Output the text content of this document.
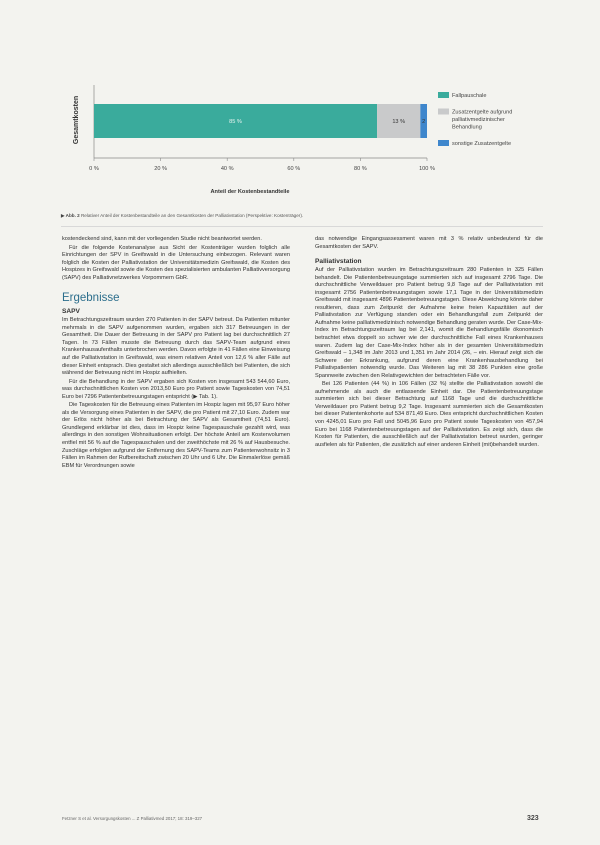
85 %	13 %	2
0 %	20 %	40 %	60 %	80 %	100 %
Fallpauschale
Zusatzentgelte aufgrund palliativmedizinischer Behandlung
sonstige Zusatzentgelte
Gesamtkosten
Anteil der Kostenbestandteile
▶ Abb. 2 Relativer Anteil der Kostenbestandteile an den Gesamtkosten der Palliativstation (Perspektive: Kostenträger).

kostendeckend sind, kann mit der vorliegenden Studie nicht beantwortet werden.

Für die folgende Kostenanalyse aus Sicht der Kostenträger wurden folglich alle Einrichtungen der SPV in Greifswald in die Untersuchung einbezogen. Relevant waren folglich die Kosten der Palliativstation der Universitätsmedizin Greifswald, die Kosten des Hospizes in Greifswald sowie die Kosten des spezialisierten ambulanten Palliativversorgung (SAPV) des Palliativnetzwerkes Vorpommern GbR.

Ergebnisse
SAPV

Im Betrachtungszeitraum wurden 270 Patienten in der SAPV betreut. Da Patienten mitunter mehrmals in die SAPV aufgenommen wurden, ergaben sich 317 Betreuungen in der Gesamtheit. Die Dauer der Betreuung in der SAPV pro Patient lag bei durchschnittlich 27 Tagen. In 73 Fällen musste die Betreuung durch das SAPV-Team aufgrund eines Krankenhausaufenthalts unterbrochen werden. Davon erfolgte in 41 Fällen eine Einweisung auf die Palliativstation in Greifswald, was einem relativen Anteil von 12,6 % aller Fälle auf dieser Einheit entsprach. Dies gestaltet sich allerdings ausschließlich bei Patienten, die sich während der Betreuung nicht im Hospiz aufhielten.

Für die Behandlung in der SAPV ergaben sich Kosten von insgesamt 543 544,60 Euro, was durchschnittlichen Kosten von 2013,50 Euro pro Patient sowie Tageskosten von 74,51 Euro bei 7296 Patientenbetreuungstagen entspricht (▶ Tab. 1).

Die Tageskosten für die Betreuung eines Patienten im Hospiz lagen mit 95,97 Euro höher als die Versorgung eines Patienten in der SAPV, die pro Patient mit 27,10 Euro. Zudem war der Erlös nicht höher als bei Betrachtung der SAPV als Gesamtheit (74,51 Euro). Grundlegend erklärbar ist dies, dass im Hospiz keine Tagespauschale gezahlt wird, was allerdings in den sonstigen Wohnsituationen erfolgt. Der höchste Anteil am Kostenvolumen entfiel mit 56 % auf die Tagespauschalen und der zweithöchste mit 26 % auf Hausbesuche. Zuschläge erfolgten aufgrund der Entfernung des SAPV-Teams zum Patientenwohnsitz in 3 Fällen im Rahmen der Rufbereitschaft zwischen 20 Uhr und 6 Uhr. Die Einmalerlöse gemäß EBM für Verordnungen sowie

das notwendige Eingangsassessment waren mit 3 % relativ unbedeutend für die Gesamtkosten der SAPV.

Palliativstation

Auf der Palliativstation wurden im Betrachtungszeitraum 280 Patienten in 325 Fällen behandelt. Die Patientenbetreuungstage summierten sich auf insgesamt 2796 Tage. Die durchschnittliche Verweildauer pro Patient betrug 9,8 Tage auf der Palliativstation mit insgesamt 2756 Patientenbetreuungstagen sowie 17,1 Tage in der Universitätsmedizin Greifswald mit insgesamt 4896 Patientenbetreuungstagen. Diese Abweichung könnte daher resultieren, dass zum Zeitpunkt der Aufnahme keine freien Kapazitäten auf der Palliativstation zur Verfügung standen oder ein Behandlungsfall zum Zeitpunkt der Aufnahme keine palliativmedizinisch notwendige Behandlung geraten wurde. Der Case-Mix-Index im Betrachtungszeitraum lag bei 2,141, womit die Behandlungsfälle ökonomisch betrachtet etwa doppelt so schwer wie der durchschnittliche Fall eines Krankenhauses waren. Zudem lag der Case-Mix-Index höher als in der gesamten Universitätsmedizin Greifswald – 1,348 im Jahr 2013 und 1,351 im Jahr 2014 (26, – ein. Hierauf zeigt sich die Schwere der Erkrankung, aufgrund deren eine Krankenhausbehandlung bei Palliativpatienten notwendig wurde. Das Weiteren lag mit 38 286 Punkten eine große Spannweite zwischen den Relativgewichten der betrachteten Fälle vor.

Bei 126 Patienten (44 %) in 106 Fällen (32 %) stellte die Palliativstation sowohl die aufnehmende als auch die entlassende Einheit dar. Die Patientenbetreuungstage summierten sich bei dieser Betrachtung auf 1168 Tage und die durchschnittliche Verweildauer pro Patient betrug 9,2 Tage. Insgesamt summierten sich die Gesamtkosten bei dieser Patientenkohorte auf 534 871,49 Euro. Dies entspricht durchschnittlichen Kosten von 4245,01 Euro pro Fall und 5045,96 Euro pro Patient sowie Tageskosten von 457,94 Euro bei 1168 Patientenbetreuungstagen auf der Palliativstation. Es zeigt sich, dass die Kosten für Patienten, die ausschließlich auf der Palliativstation betreut wurden, geringer ausfielen als für Patienten, die zusätzlich auf einer anderen Einheit (mit)behandelt wurden.

Fetzner S et al. Versorgungskosten ... Z Palliativmed 2017; 18: 319–327	323
